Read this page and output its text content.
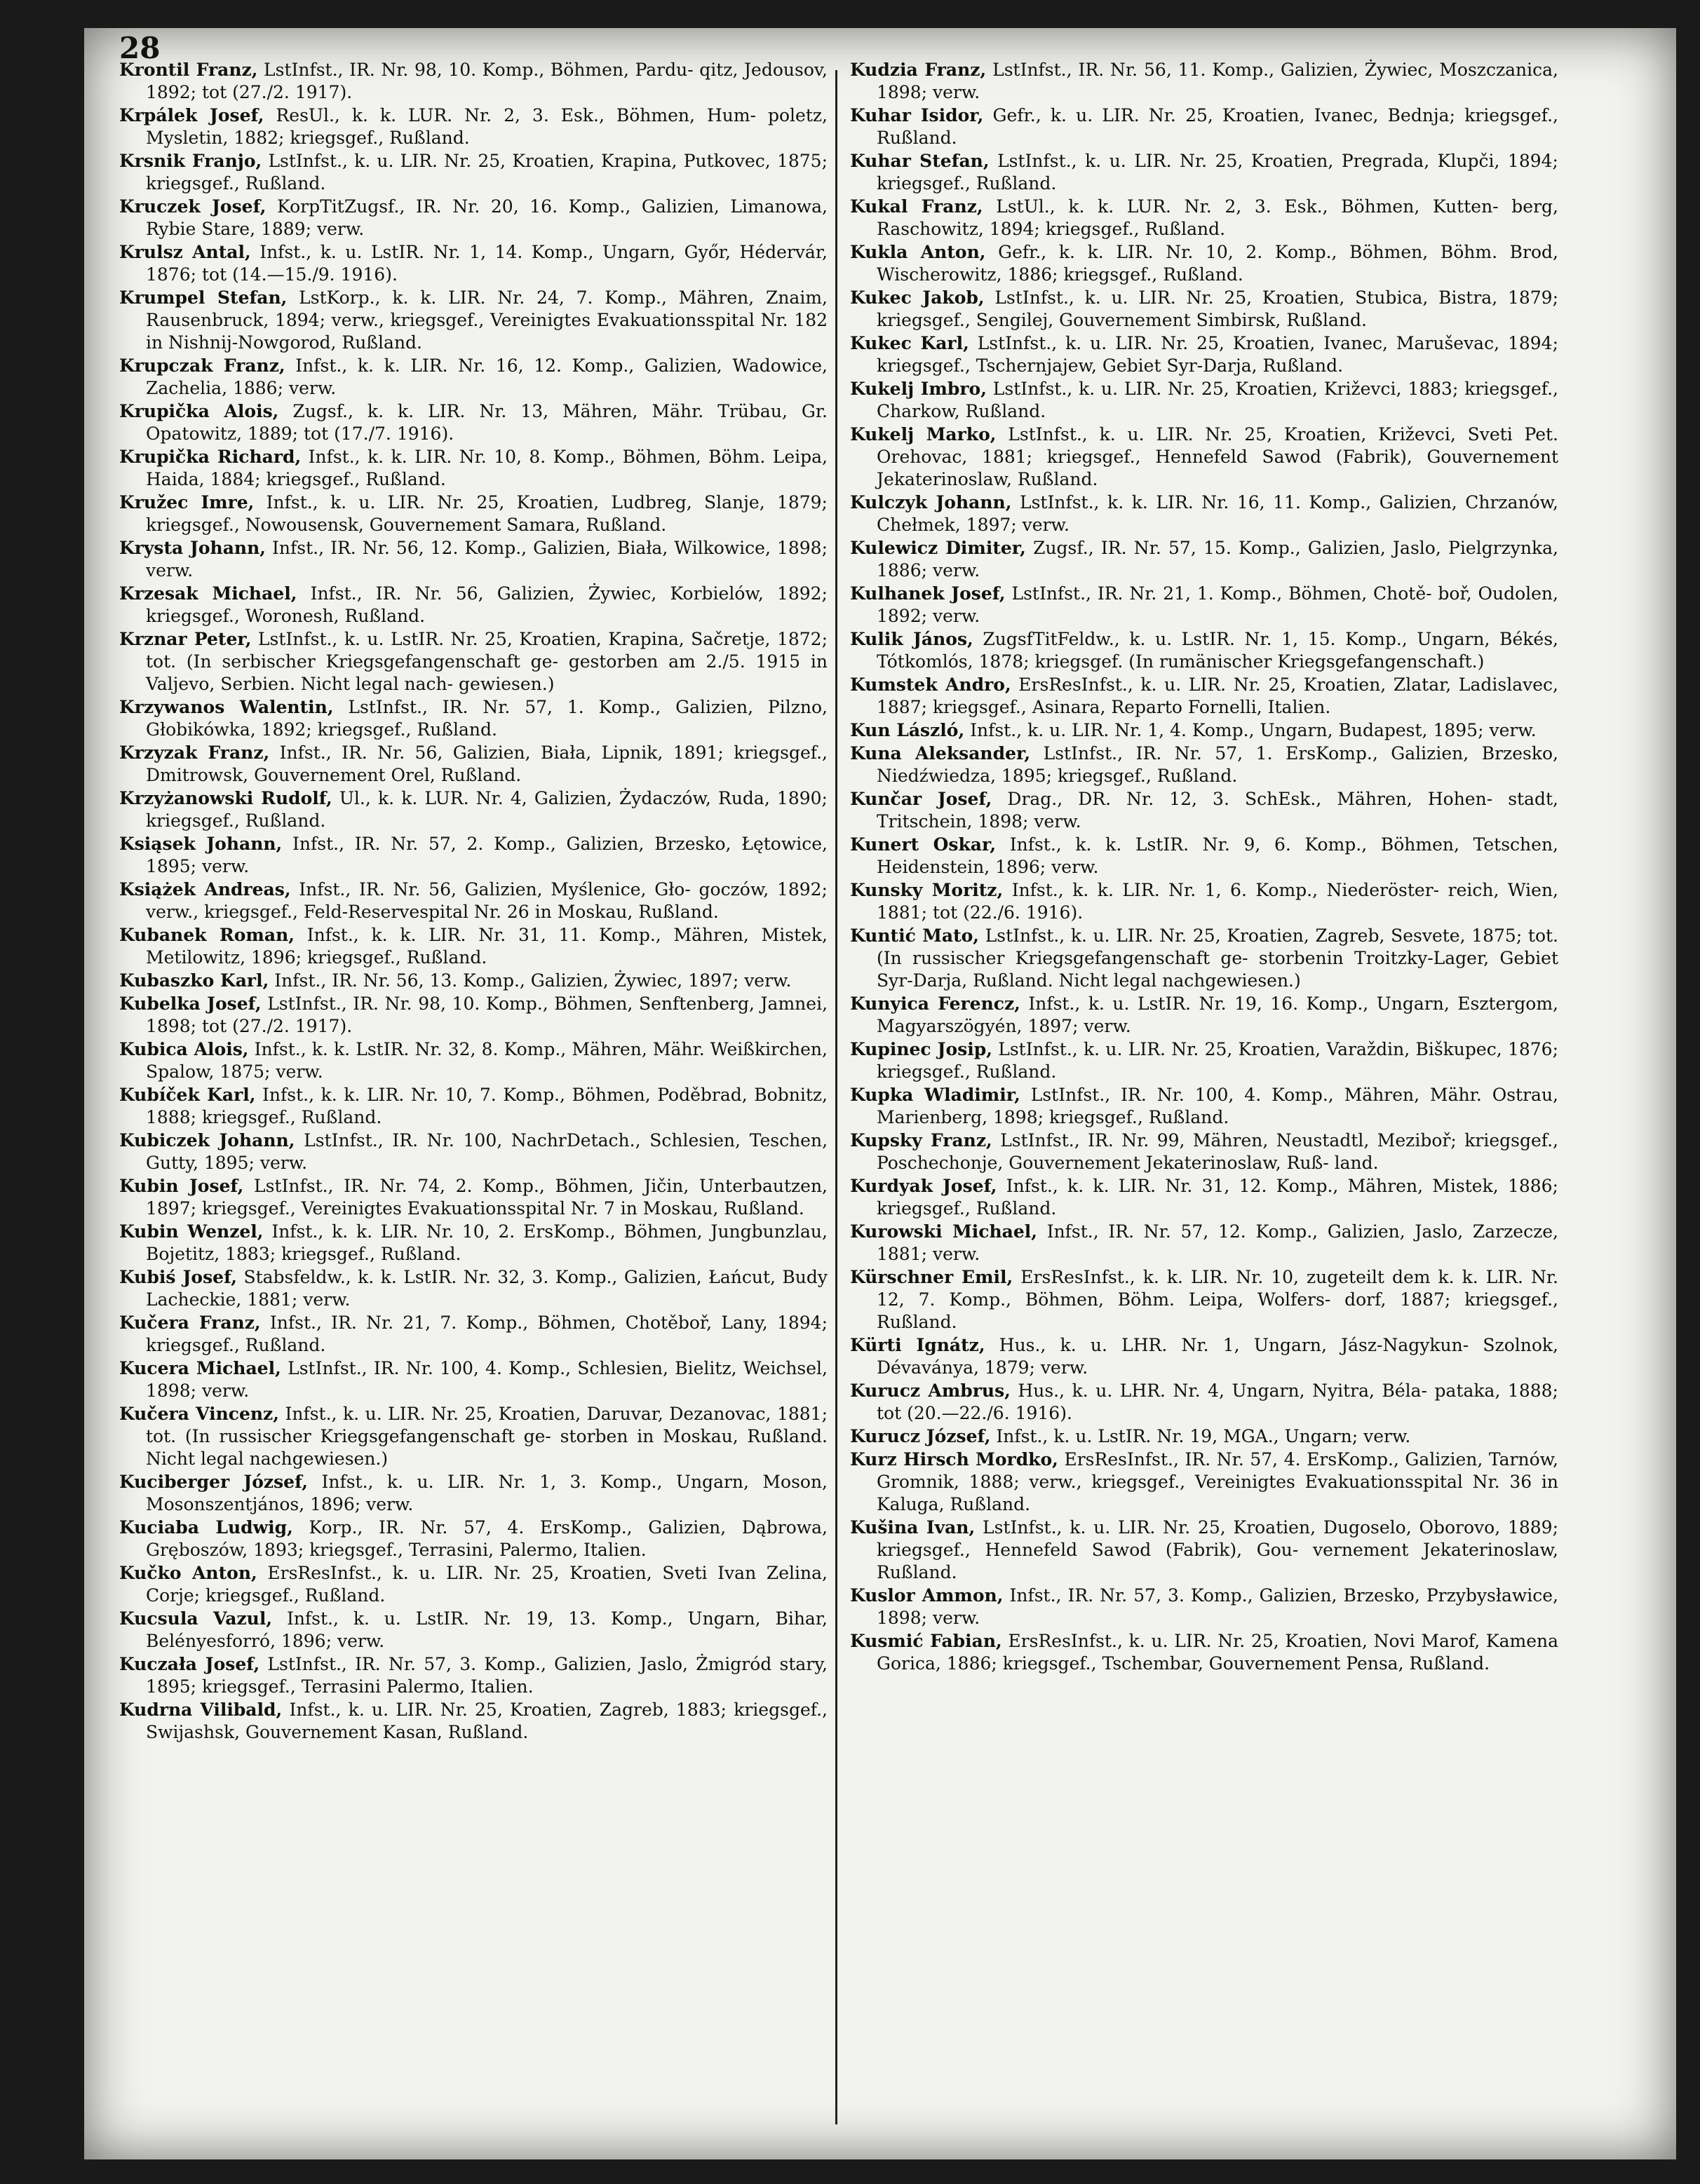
28

Krontil Franz, LstInfst., IR. Nr. 98, 10. Komp., Böhmen, Pardu- qitz, Jedousov, 1892; tot (27./2. 1917).

Krpálek Josef, ResUl., k. k. LUR. Nr. 2, 3. Esk., Böhmen, Hum- poletz, Mysletin, 1882; kriegsgef., Rußland.

Krsnik Franjo, LstInfst., k. u. LIR. Nr. 25, Kroatien, Krapina, Putkovec, 1875; kriegsgef., Rußland.

Kruczek Josef, KorpTitZugsf., IR. Nr. 20, 16. Komp., Galizien, Limanowa, Rybie Stare, 1889; verw.

Krulsz Antal, Infst., k. u. LstIR. Nr. 1, 14. Komp., Ungarn, Győr, Hédervár, 1876; tot (14.—15./9. 1916).

Krumpel Stefan, LstKorp., k. k. LIR. Nr. 24, 7. Komp., Mähren, Znaim, Rausenbruck, 1894; verw., kriegsgef., Vereinigtes Evakuationsspital Nr. 182 in Nishnij-Nowgorod, Rußland.

Krupczak Franz, Infst., k. k. LIR. Nr. 16, 12. Komp., Galizien, Wadowice, Zachelia, 1886; verw.

Krupička Alois, Zugsf., k. k. LIR. Nr. 13, Mähren, Mähr. Trübau, Gr. Opatowitz, 1889; tot (17./7. 1916).

Krupička Richard, Infst., k. k. LIR. Nr. 10, 8. Komp., Böhmen, Böhm. Leipa, Haida, 1884; kriegsgef., Rußland.

Kružec Imre, Infst., k. u. LIR. Nr. 25, Kroatien, Ludbreg, Slanje, 1879; kriegsgef., Nowousensk, Gouvernement Samara, Rußland.

Krysta Johann, Infst., IR. Nr. 56, 12. Komp., Galizien, Biała, Wilkowice, 1898; verw.

Krzesak Michael, Infst., IR. Nr. 56, Galizien, Żywiec, Korbielów, 1892; kriegsgef., Woronesh, Rußland.

Krznar Peter, LstInfst., k. u. LstIR. Nr. 25, Kroatien, Krapina, Sačretje, 1872; tot. (In serbischer Kriegsgefangenschaft ge- gestorben am 2./5. 1915 in Valjevo, Serbien. Nicht legal nach- gewiesen.)

Krzywanos Walentin, LstInfst., IR. Nr. 57, 1. Komp., Galizien, Pilzno, Głobikówka, 1892; kriegsgef., Rußland.

Krzyzak Franz, Infst., IR. Nr. 56, Galizien, Biała, Lipnik, 1891; kriegsgef., Dmitrowsk, Gouvernement Orel, Rußland.

Krzyżanowski Rudolf, Ul., k. k. LUR. Nr. 4, Galizien, Żydaczów, Ruda, 1890; kriegsgef., Rußland.

Ksiąsek Johann, Infst., IR. Nr. 57, 2. Komp., Galizien, Brzesko, Łętowice, 1895; verw.

Książek Andreas, Infst., IR. Nr. 56, Galizien, Myślenice, Gło- goczów, 1892; verw., kriegsgef., Feld-Reservespital Nr. 26 in Moskau, Rußland.

Kubanek Roman, Infst., k. k. LIR. Nr. 31, 11. Komp., Mähren, Mistek, Metilowitz, 1896; kriegsgef., Rußland.

Kubaszko Karl, Infst., IR. Nr. 56, 13. Komp., Galizien, Żywiec, 1897; verw.

Kubelka Josef, LstInfst., IR. Nr. 98, 10. Komp., Böhmen, Senftenberg, Jamnei, 1898; tot (27./2. 1917).

Kubica Alois, Infst., k. k. LstIR. Nr. 32, 8. Komp., Mähren, Mähr. Weißkirchen, Spalow, 1875; verw.

Kubíček Karl, Infst., k. k. LIR. Nr. 10, 7. Komp., Böhmen, Poděbrad, Bobnitz, 1888; kriegsgef., Rußland.

Kubiczek Johann, LstInfst., IR. Nr. 100, NachrDetach., Schlesien, Teschen, Gutty, 1895; verw.

Kubin Josef, LstInfst., IR. Nr. 74, 2. Komp., Böhmen, Jičin, Unterbautzen, 1897; kriegsgef., Vereinigtes Evakuationsspital Nr. 7 in Moskau, Rußland.

Kubin Wenzel, Infst., k. k. LIR. Nr. 10, 2. ErsKomp., Böhmen, Jungbunzlau, Bojetitz, 1883; kriegsgef., Rußland.

Kubiś Josef, Stabsfeldw., k. k. LstIR. Nr. 32, 3. Komp., Galizien, Łańcut, Budy Lacheckie, 1881; verw.

Kučera Franz, Infst., IR. Nr. 21, 7. Komp., Böhmen, Chotěboř, Lany, 1894; kriegsgef., Rußland.

Kucera Michael, LstInfst., IR. Nr. 100, 4. Komp., Schlesien, Bielitz, Weichsel, 1898; verw.

Kučera Vincenz, Infst., k. u. LIR. Nr. 25, Kroatien, Daruvar, Dezanovac, 1881; tot. (In russischer Kriegsgefangenschaft ge- storben in Moskau, Rußland. Nicht legal nachgewiesen.)

Kuciberger József, Infst., k. u. LIR. Nr. 1, 3. Komp., Ungarn, Moson, Mosonszentjános, 1896; verw.

Kuciaba Ludwig, Korp., IR. Nr. 57, 4. ErsKomp., Galizien, Dąbrowa, Gręboszów, 1893; kriegsgef., Terrasini, Palermo, Italien.

Kučko Anton, ErsResInfst., k. u. LIR. Nr. 25, Kroatien, Sveti Ivan Zelina, Corje; kriegsgef., Rußland.

Kucsula Vazul, Infst., k. u. LstIR. Nr. 19, 13. Komp., Ungarn, Bihar, Belényesforró, 1896; verw.

Kuczała Josef, LstInfst., IR. Nr. 57, 3. Komp., Galizien, Jaslo, Żmigród stary, 1895; kriegsgef., Terrasini Palermo, Italien.

Kudrna Vilibald, Infst., k. u. LIR. Nr. 25, Kroatien, Zagreb, 1883; kriegsgef., Swijashsk, Gouvernement Kasan, Rußland.

Kudzia Franz, LstInfst., IR. Nr. 56, 11. Komp., Galizien, Żywiec, Moszczanica, 1898; verw.

Kuhar Isidor, Gefr., k. u. LIR. Nr. 25, Kroatien, Ivanec, Bednja; kriegsgef., Rußland.

Kuhar Stefan, LstInfst., k. u. LIR. Nr. 25, Kroatien, Pregrada, Klupči, 1894; kriegsgef., Rußland.

Kukal Franz, LstUl., k. k. LUR. Nr. 2, 3. Esk., Böhmen, Kutten- berg, Raschowitz, 1894; kriegsgef., Rußland.

Kukla Anton, Gefr., k. k. LIR. Nr. 10, 2. Komp., Böhmen, Böhm. Brod, Wischerowitz, 1886; kriegsgef., Rußland.

Kukec Jakob, LstInfst., k. u. LIR. Nr. 25, Kroatien, Stubica, Bistra, 1879; kriegsgef., Sengilej, Gouvernement Simbirsk, Rußland.

Kukec Karl, LstInfst., k. u. LIR. Nr. 25, Kroatien, Ivanec, Maruševac, 1894; kriegsgef., Tschernjajew, Gebiet Syr-Darja, Rußland.

Kukelj Imbro, LstInfst., k. u. LIR. Nr. 25, Kroatien, Križevci, 1883; kriegsgef., Charkow, Rußland.

Kukelj Marko, LstInfst., k. u. LIR. Nr. 25, Kroatien, Križevci, Sveti Pet. Orehovac, 1881; kriegsgef., Hennefeld Sawod (Fabrik), Gouvernement Jekaterinoslaw, Rußland.

Kulczyk Johann, LstInfst., k. k. LIR. Nr. 16, 11. Komp., Galizien, Chrzanów, Chełmek, 1897; verw.

Kulewicz Dimiter, Zugsf., IR. Nr. 57, 15. Komp., Galizien, Jaslo, Pielgrzynka, 1886; verw.

Kulhanek Josef, LstInfst., IR. Nr. 21, 1. Komp., Böhmen, Chotě- boř, Oudolen, 1892; verw.

Kulik János, ZugsfTitFeldw., k. u. LstIR. Nr. 1, 15. Komp., Ungarn, Békés, Tótkomlós, 1878; kriegsgef. (In rumänischer Kriegsgefangenschaft.)

Kumstek Andro, ErsResInfst., k. u. LIR. Nr. 25, Kroatien, Zlatar, Ladislavec, 1887; kriegsgef., Asinara, Reparto Fornelli, Italien.

Kun László, Infst., k. u. LIR. Nr. 1, 4. Komp., Ungarn, Budapest, 1895; verw.

Kuna Aleksander, LstInfst., IR. Nr. 57, 1. ErsKomp., Galizien, Brzesko, Niedźwiedza, 1895; kriegsgef., Rußland.

Kunčar Josef, Drag., DR. Nr. 12, 3. SchEsk., Mähren, Hohen- stadt, Tritschein, 1898; verw.

Kunert Oskar, Infst., k. k. LstIR. Nr. 9, 6. Komp., Böhmen, Tetschen, Heidenstein, 1896; verw.

Kunsky Moritz, Infst., k. k. LIR. Nr. 1, 6. Komp., Niederöster- reich, Wien, 1881; tot (22./6. 1916).

Kuntić Mato, LstInfst., k. u. LIR. Nr. 25, Kroatien, Zagreb, Sesvete, 1875; tot. (In russischer Kriegsgefangenschaft ge- storbenin Troitzky-Lager, Gebiet Syr-Darja, Rußland. Nicht legal nachgewiesen.)

Kunyica Ferencz, Infst., k. u. LstIR. Nr. 19, 16. Komp., Ungarn, Esztergom, Magyarszögyén, 1897; verw.

Kupinec Josip, LstInfst., k. u. LIR. Nr. 25, Kroatien, Varaždin, Biškupec, 1876; kriegsgef., Rußland.

Kupka Wladimir, LstInfst., IR. Nr. 100, 4. Komp., Mähren, Mähr. Ostrau, Marienberg, 1898; kriegsgef., Rußland.

Kupsky Franz, LstInfst., IR. Nr. 99, Mähren, Neustadtl, Meziboř; kriegsgef., Poschechonje, Gouvernement Jekaterinoslaw, Ruß- land.

Kurdyak Josef, Infst., k. k. LIR. Nr. 31, 12. Komp., Mähren, Mistek, 1886; kriegsgef., Rußland.

Kurowski Michael, Infst., IR. Nr. 57, 12. Komp., Galizien, Jaslo, Zarzecze, 1881; verw.

Kürschner Emil, ErsResInfst., k. k. LIR. Nr. 10, zugeteilt dem k. k. LIR. Nr. 12, 7. Komp., Böhmen, Böhm. Leipa, Wolfers- dorf, 1887; kriegsgef., Rußland.

Kürti Ignátz, Hus., k. u. LHR. Nr. 1, Ungarn, Jász-Nagykun- Szolnok, Dévaványa, 1879; verw.

Kurucz Ambrus, Hus., k. u. LHR. Nr. 4, Ungarn, Nyitra, Béla- pataka, 1888; tot (20.—22./6. 1916).

Kurucz József, Infst., k. u. LstIR. Nr. 19, MGA., Ungarn; verw.

Kurz Hirsch Mordko, ErsResInfst., IR. Nr. 57, 4. ErsKomp., Galizien, Tarnów, Gromnik, 1888; verw., kriegsgef., Vereinigtes Evakuationsspital Nr. 36 in Kaluga, Rußland.

Kušina Ivan, LstInfst., k. u. LIR. Nr. 25, Kroatien, Dugoselo, Oborovo, 1889; kriegsgef., Hennefeld Sawod (Fabrik), Gou- vernement Jekaterinoslaw, Rußland.

Kuslor Ammon, Infst., IR. Nr. 57, 3. Komp., Galizien, Brzesko, Przybysławice, 1898; verw.

Kusmić Fabian, ErsResInfst., k. u. LIR. Nr. 25, Kroatien, Novi Marof, Kamena Gorica, 1886; kriegsgef., Tschembar, Gouvernement Pensa, Rußland.
